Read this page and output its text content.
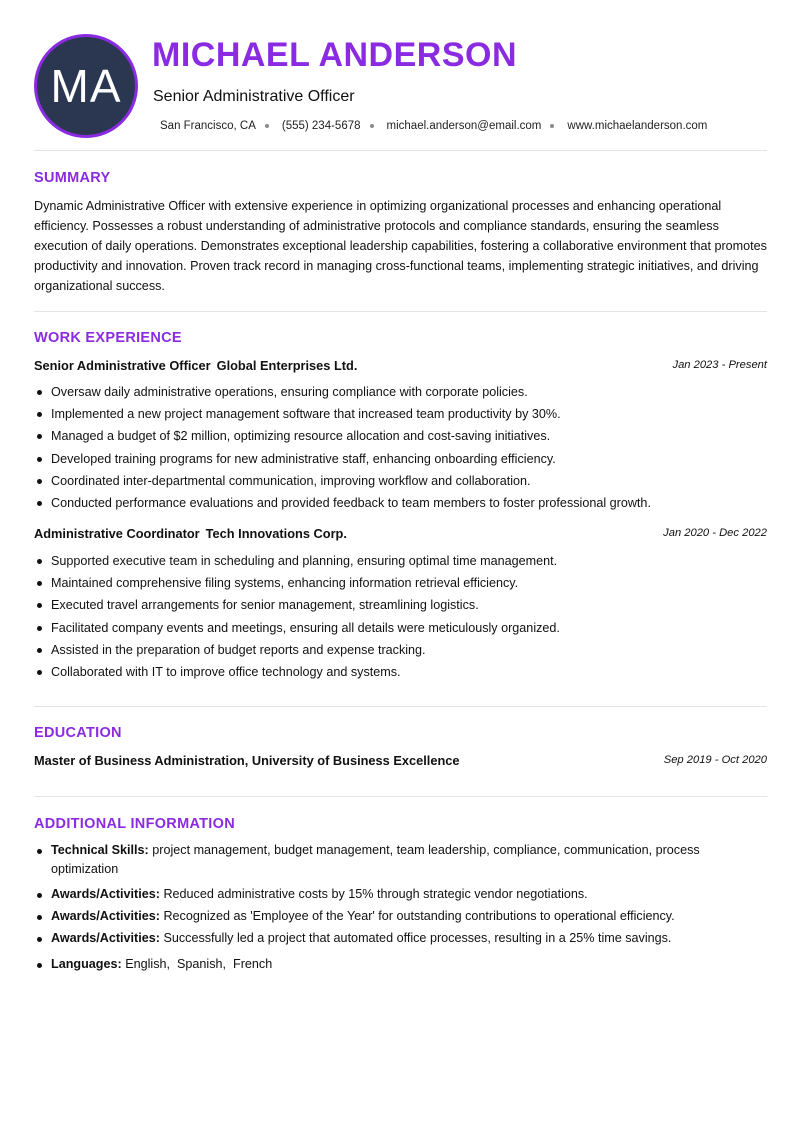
MA
MICHAEL ANDERSON
Senior Administrative Officer
San Francisco, CA (555) 234-5678 michael.anderson@email.com www.michaelanderson.com
SUMMARY
Dynamic Administrative Officer with extensive experience in optimizing organizational processes and enhancing operational efficiency. Possesses a robust understanding of administrative protocols and compliance standards, ensuring the seamless execution of daily operations. Demonstrates exceptional leadership capabilities, fostering a collaborative environment that promotes productivity and innovation. Proven track record in managing cross-functional teams, implementing strategic initiatives, and driving organizational success.
WORK EXPERIENCE
Senior Administrative Officer Global Enterprises Ltd.	Jan 2023 - Present
Oversaw daily administrative operations, ensuring compliance with corporate policies.
Implemented a new project management software that increased team productivity by 30%.
Managed a budget of $2 million, optimizing resource allocation and cost-saving initiatives.
Developed training programs for new administrative staff, enhancing onboarding efficiency.
Coordinated inter-departmental communication, improving workflow and collaboration.
Conducted performance evaluations and provided feedback to team members to foster professional growth.
Administrative Coordinator Tech Innovations Corp.	Jan 2020 - Dec 2022
Supported executive team in scheduling and planning, ensuring optimal time management.
Maintained comprehensive filing systems, enhancing information retrieval efficiency.
Executed travel arrangements for senior management, streamlining logistics.
Facilitated company events and meetings, ensuring all details were meticulously organized.
Assisted in the preparation of budget reports and expense tracking.
Collaborated with IT to improve office technology and systems.
EDUCATION
Master of Business Administration, University of Business Excellence	Sep 2019 - Oct 2020
ADDITIONAL INFORMATION
Technical Skills: project management, budget management, team leadership, compliance, communication, process optimization
Awards/Activities: Reduced administrative costs by 15% through strategic vendor negotiations.
Awards/Activities: Recognized as 'Employee of the Year' for outstanding contributions to operational efficiency.
Awards/Activities: Successfully led a project that automated office processes, resulting in a 25% time savings.
Languages: English, Spanish, French
